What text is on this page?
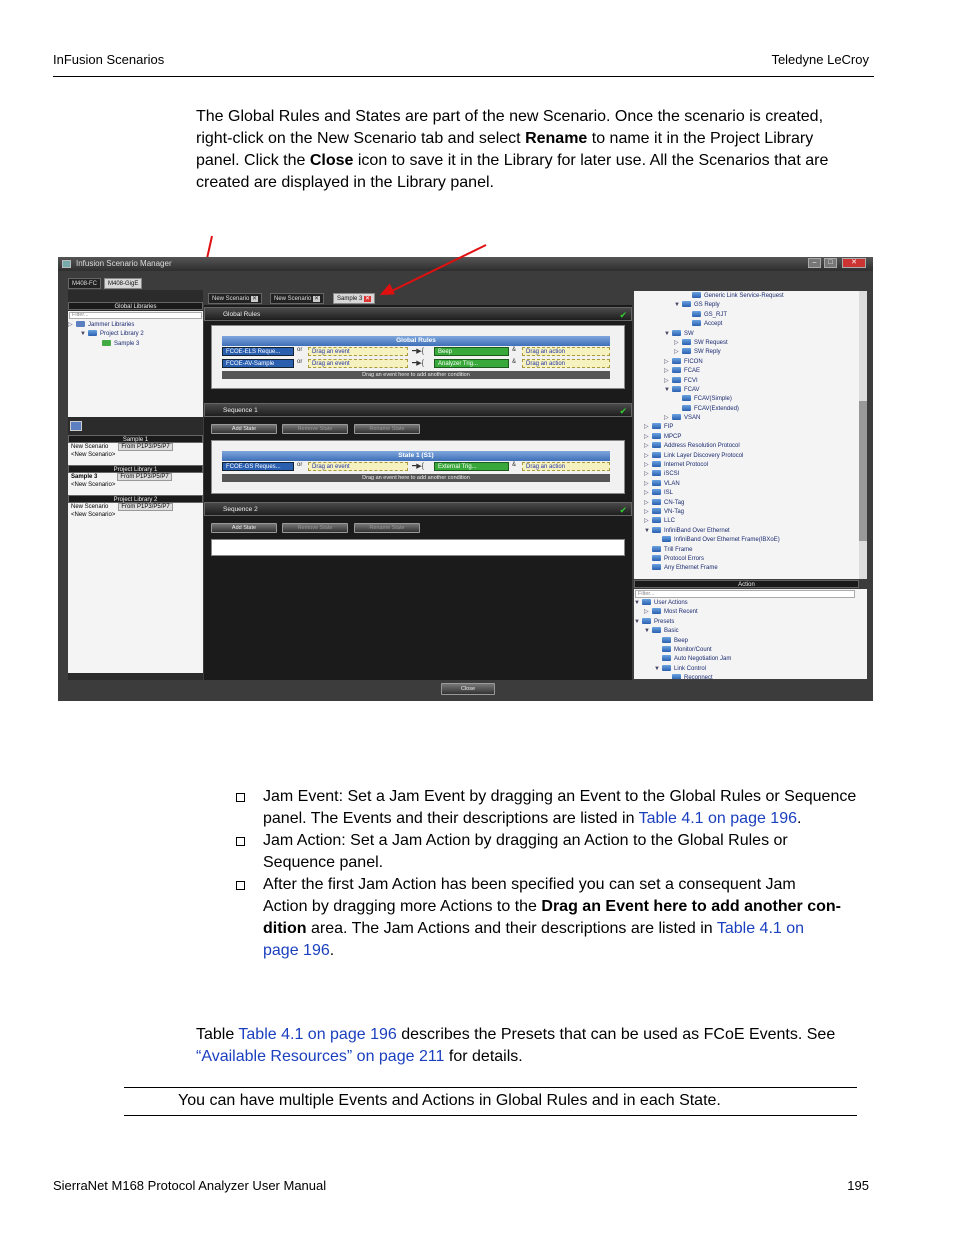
InFusion Scenarios	Teledyne LeCroy
The Global Rules and States are part of the new Scenario. Once the scenario is created,
right-click on the New Scenario tab and select Rename to name it in the Project Library
panel. Click the Close icon to save it in the Library for later use. All the Scenarios that are
created are displayed in the Library panel.
Infusion Scenario Manager	–	□	✕
M408-FC	M408-GigE
Global Libraries
Filter...
▷	Jammer Libraries
▼ Project Library 2
Sample 3
Sample 1
New Scenario From P1P3/P5/P7
<New Scenario>
Project Library 1
Sample 3	From P1P3/P5/P7
<New Scenario>
Project Library 2
New Scenario From P1P3/P5/P7
<New Scenario>
New Scenario ✕	New Scenario ✕	Sample 3 ✕
Global Rules	✔
Global Rules
FCOE-ELS Reque...	or	Drag an event	━▶{	Beep	&	Drag an action
FCOE-AV-Sample	or	Drag an event	━▶{	Analyzer Trig...	&	Drag an action
Drag an event here to add another condition
Sequence 1	✔
Add State	Remove State	Rename State
State 1 (S1)
FCOE-GS Reques...	or	Drag an event	━▶{	External Trig...	&	Drag an action
Drag an event here to add another condition
Sequence 2	✔
Add State	Remove State	Rename State
Generic Link Service-Request
▼ GS Reply
GS_RJT
Accept
▼ SW
▷	SW Request
▷	SW Reply
▷	FICON
▷	FCAE
▷	FCVI
▼ FCAV
FCAV(Simple)
FCAV(Extended)
▷	VSAN
▷	FIP
▷	MPCP
▷	Address Resolution Protocol
▷	Link Layer Discovery Protocol
▷	Internet Protocol
▷	iSCSI
▷	VLAN
▷	ISL
▷	CN-Tag
▷	VN-Tag
▷	LLC
▼ InfiniBand Over Ethernet
InfiniBand Over Ethernet Frame(IBXoE)
Trill Frame
Protocol Errors
Any Ethernet Frame
Action
Filter...
▼ User Actions
▷	Most Recent
▼ Presets
▼ Basic
Beep
Monitor/Count
Auto Negotiation Jam
▼ Link Control
Reconnect
Close
Jam Event: Set a Jam Event by dragging an Event to the Global Rules or Sequence
panel. The Events and their descriptions are listed in Table 4.1 on page 196.
Jam Action: Set a Jam Action by dragging an Action to the Global Rules or
Sequence panel.
After the first Jam Action has been specified you can set a consequent Jam
Action by dragging more Actions to the Drag an Event here to add another con-
dition area. The Jam Actions and their descriptions are listed in Table 4.1 on
page 196.
Table Table 4.1 on page 196 describes the Presets that can be used as FCoE Events. See
“Available Resources” on page 211 for details.
You can have multiple Events and Actions in Global Rules and in each State.
SierraNet M168 Protocol Analyzer User Manual	195
